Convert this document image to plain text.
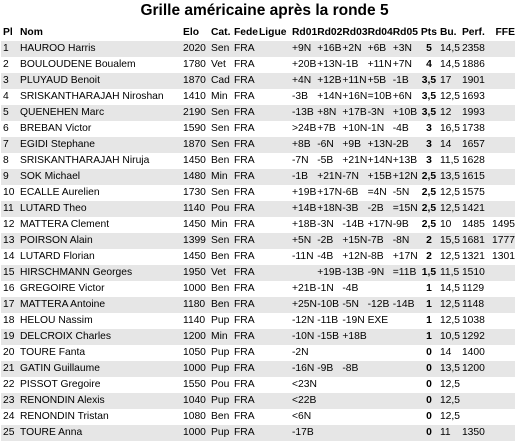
Grille américaine après la ronde 5
Pl	Nom	Elo	Cat.	Fede	Ligue	Rd01	Rd02	Rd03	Rd04	Rd05	Pts	Bu.	Perf.	FFE
1	HAUROO Harris	2020	Sen	FRA		+9N	+16B	+2N	+6B	+3N	5	14,5	2358	
2	BOULOUDENE Boualem	1780	Vet	FRA		+20B	+13N	-1B	+11N	+7N	4	14,5	1886	
3	PLUYAUD Benoit	1870	Cad	FRA		+4N	+12B	+11N	+5B	-1B	3,5	17	1901	
4	SRISKANTHARAJAH Niroshan	1410	Min	FRA		-3B	+14N	+16N	=10B	+6N	3,5	12,5	1693	
5	QUENEHEN Marc	2190	Sen	FRA		-13B	+8N	+17B	-3N	+10B	3,5	12	1993	
6	BREBAN Victor	1590	Sen	FRA		>24B	+7B	+10N	-1N	-4B	3	16,5	1738	
7	EGIDI Stephane	1870	Sen	FRA		+8B	-6N	+9B	+13N	-2B	3	14	1657	
8	SRISKANTHARAJAH Niruja	1450	Ben	FRA		-7N	-5B	+21N	+14N	+13B	3	11,5	1628	
9	SOK Michael	1480	Min	FRA		-1B	+21N	-7N	+15B	+12N	2,5	13,5	1615	
10	ECALLE Aurelien	1730	Sen	FRA		+19B	+17N	-6B	=4N	-5N	2,5	12,5	1575	
11	LUTARD Theo	1140	Pou	FRA		+14B	+18N	-3B	-2B	=15N	2,5	12,5	1421	
12	MATTERA Clement	1450	Min	FRA		+18B	-3N	-14B	+17N	-9B	2,5	10	1485	1495
13	POIRSON Alain	1399	Sen	FRA		+5N	-2B	+15N	-7B	-8N	2	15,5	1681	1777
14	LUTARD Florian	1450	Ben	FRA		-11N	-4B	+12N	-8B	+17N	2	12,5	1321	1301
15	HIRSCHMANN Georges	1950	Vet	FRA			+19B	-13B	-9N	=11B	1,5	11,5	1510	
16	GREGOIRE Victor	1000	Ben	FRA		+21B	-1N	-4B			1	14,5	1129	
17	MATTERA Antoine	1180	Ben	FRA		+25N	-10B	-5N	-12B	-14B	1	12,5	1148	
18	HELOU Nassim	1140	Pup	FRA		-12N	-11B	-19N	EXE		1	12,5	1038	
19	DELCROIX Charles	1200	Min	FRA		-10N	-15B	+18B			1	10,5	1292	
20	TOURE Fanta	1050	Pup	FRA		-2N					0	14	1400	
21	GATIN Guillaume	1000	Pup	FRA		-16N	-9B	-8B			0	13,5	1200	
22	PISSOT Gregoire	1550	Pou	FRA		<23N					0	12,5		
23	RENONDIN Alexis	1040	Pup	FRA		<22B					0	12,5		
24	RENONDIN Tristan	1080	Ben	FRA		<6N					0	12,5		
25	TOURE Anna	1000	Pup	FRA		-17B					0	11	1350	
